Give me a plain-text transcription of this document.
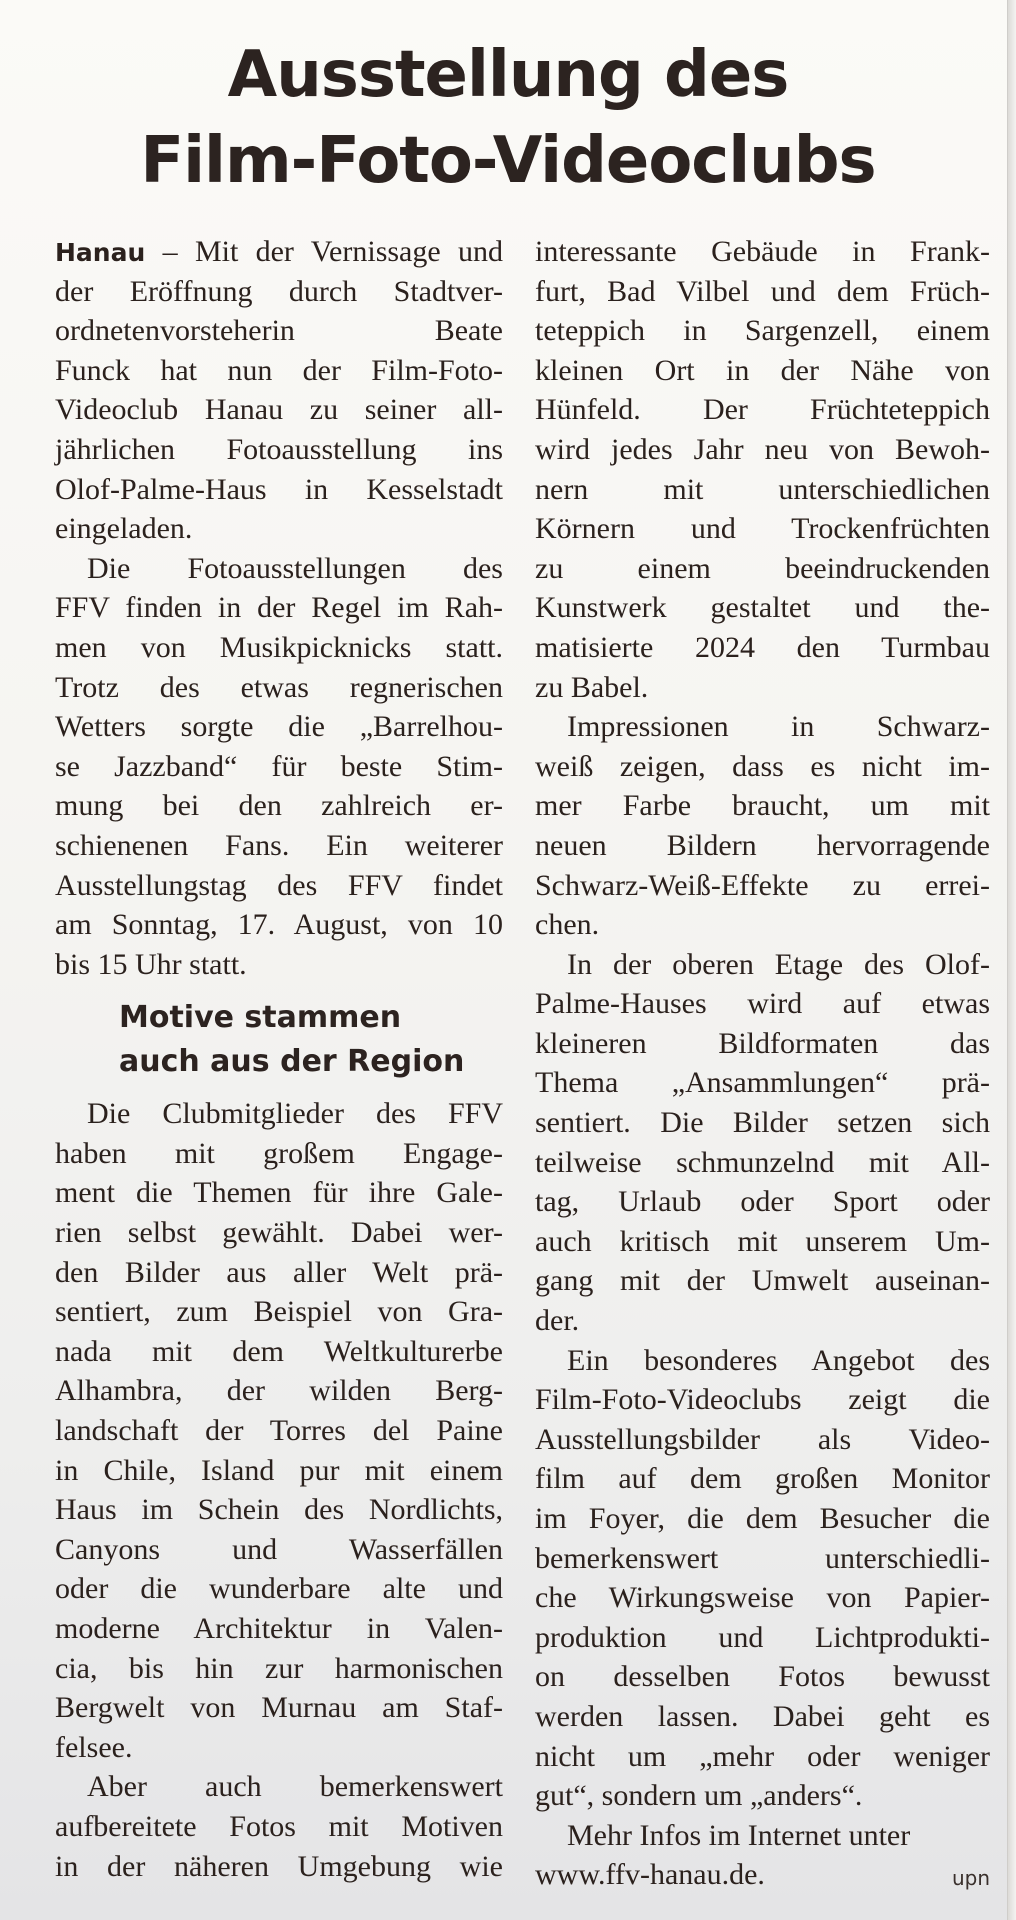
Ausstellung des
Film-Foto-Videoclubs
Hanau – Mit der Vernissage und
der Eröffnung durch Stadtver-
ordnetenvorsteherin Beate
Funck hat nun der Film-Foto-
Videoclub Hanau zu seiner all-
jährlichen Fotoausstellung ins
Olof-Palme-Haus in Kesselstadt
eingeladen.
Die Fotoausstellungen des
FFV finden in der Regel im Rah-
men von Musikpicknicks statt.
Trotz des etwas regnerischen
Wetters sorgte die „Barrelhou-
se Jazzband“ für beste Stim-
mung bei den zahlreich er-
schienenen Fans. Ein weiterer
Ausstellungstag des FFV findet
am Sonntag, 17. August, von 10
bis 15 Uhr statt.
Motive stammen
auch aus der Region
Die Clubmitglieder des FFV
haben mit großem Engage-
ment die Themen für ihre Gale-
rien selbst gewählt. Dabei wer-
den Bilder aus aller Welt prä-
sentiert, zum Beispiel von Gra-
nada mit dem Weltkulturerbe
Alhambra, der wilden Berg-
landschaft der Torres del Paine
in Chile, Island pur mit einem
Haus im Schein des Nordlichts,
Canyons und Wasserfällen
oder die wunderbare alte und
moderne Architektur in Valen-
cia, bis hin zur harmonischen
Bergwelt von Murnau am Staf-
felsee.
Aber auch bemerkenswert
aufbereitete Fotos mit Motiven
in der näheren Umgebung wie
interessante Gebäude in Frank-
furt, Bad Vilbel und dem Früch-
teteppich in Sargenzell, einem
kleinen Ort in der Nähe von
Hünfeld. Der Früchteteppich
wird jedes Jahr neu von Bewoh-
nern mit unterschiedlichen
Körnern und Trockenfrüchten
zu einem beeindruckenden
Kunstwerk gestaltet und the-
matisierte 2024 den Turmbau
zu Babel.
Impressionen in Schwarz-
weiß zeigen, dass es nicht im-
mer Farbe braucht, um mit
neuen Bildern hervorragende
Schwarz-Weiß-Effekte zu errei-
chen.
In der oberen Etage des Olof-
Palme-Hauses wird auf etwas
kleineren Bildformaten das
Thema „Ansammlungen“ prä-
sentiert. Die Bilder setzen sich
teilweise schmunzelnd mit All-
tag, Urlaub oder Sport oder
auch kritisch mit unserem Um-
gang mit der Umwelt auseinan-
der.
Ein besonderes Angebot des
Film-Foto-Videoclubs zeigt die
Ausstellungsbilder als Video-
film auf dem großen Monitor
im Foyer, die dem Besucher die
bemerkenswert unterschiedli-
che Wirkungsweise von Papier-
produktion und Lichtprodukti-
on desselben Fotos bewusst
werden lassen. Dabei geht es
nicht um „mehr oder weniger
gut“, sondern um „anders“.
Mehr Infos im Internet unter
www.ffv-hanau.de.	upn
